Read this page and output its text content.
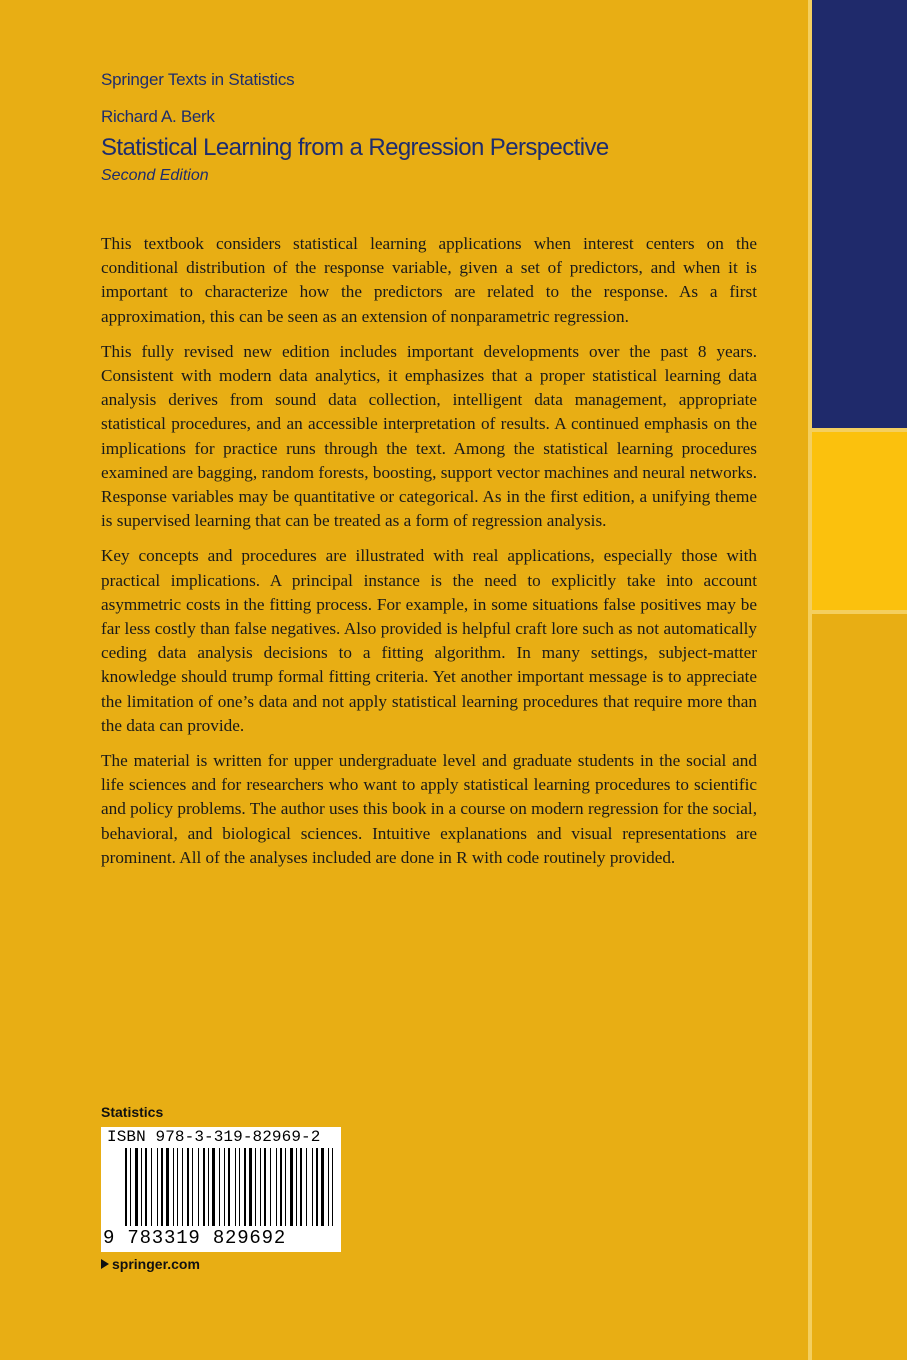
Springer Texts in Statistics
Richard A. Berk
Statistical Learning from a Regression Perspective
Second Edition

This textbook considers statistical learning applications when interest centers on the conditional distribution of the response variable, given a set of predictors, and when it is important to characterize how the predictors are related to the response. As a first approximation, this can be seen as an extension of nonparametric regression.

This fully revised new edition includes important developments over the past 8 years. Consistent with modern data analytics, it emphasizes that a proper statistical learning data analysis derives from sound data collection, intelligent data management, appropriate statistical procedures, and an accessible interpretation of results. A continued emphasis on the implications for practice runs through the text. Among the statistical learning procedures examined are bagging, random forests, boosting, support vector machines and neural networks. Response variables may be quantitative or categorical. As in the first edition, a unifying theme is supervised learning that can be treated as a form of regression analysis.

Key concepts and procedures are illustrated with real applications, especially those with practical implications. A principal instance is the need to explicitly take into account asymmetric costs in the fitting process. For example, in some situations false positives may be far less costly than false negatives. Also provided is helpful craft lore such as not automatically ceding data analysis decisions to a fitting algorithm. In many settings, subject-matter knowledge should trump formal fitting criteria. Yet another important message is to appreciate the limitation of one’s data and not apply statistical learning procedures that require more than the data can provide.

The material is written for upper undergraduate level and graduate students in the social and life sciences and for researchers who want to apply statistical learning procedures to scientific and policy problems. The author uses this book in a course on modern regression for the social, behavioral, and biological sciences. Intuitive explanations and visual representations are prominent. All of the analyses included are done in R with code routinely provided.

Statistics
ISBN 978-3-319-82969-2
9 783319 829692
springer.com
